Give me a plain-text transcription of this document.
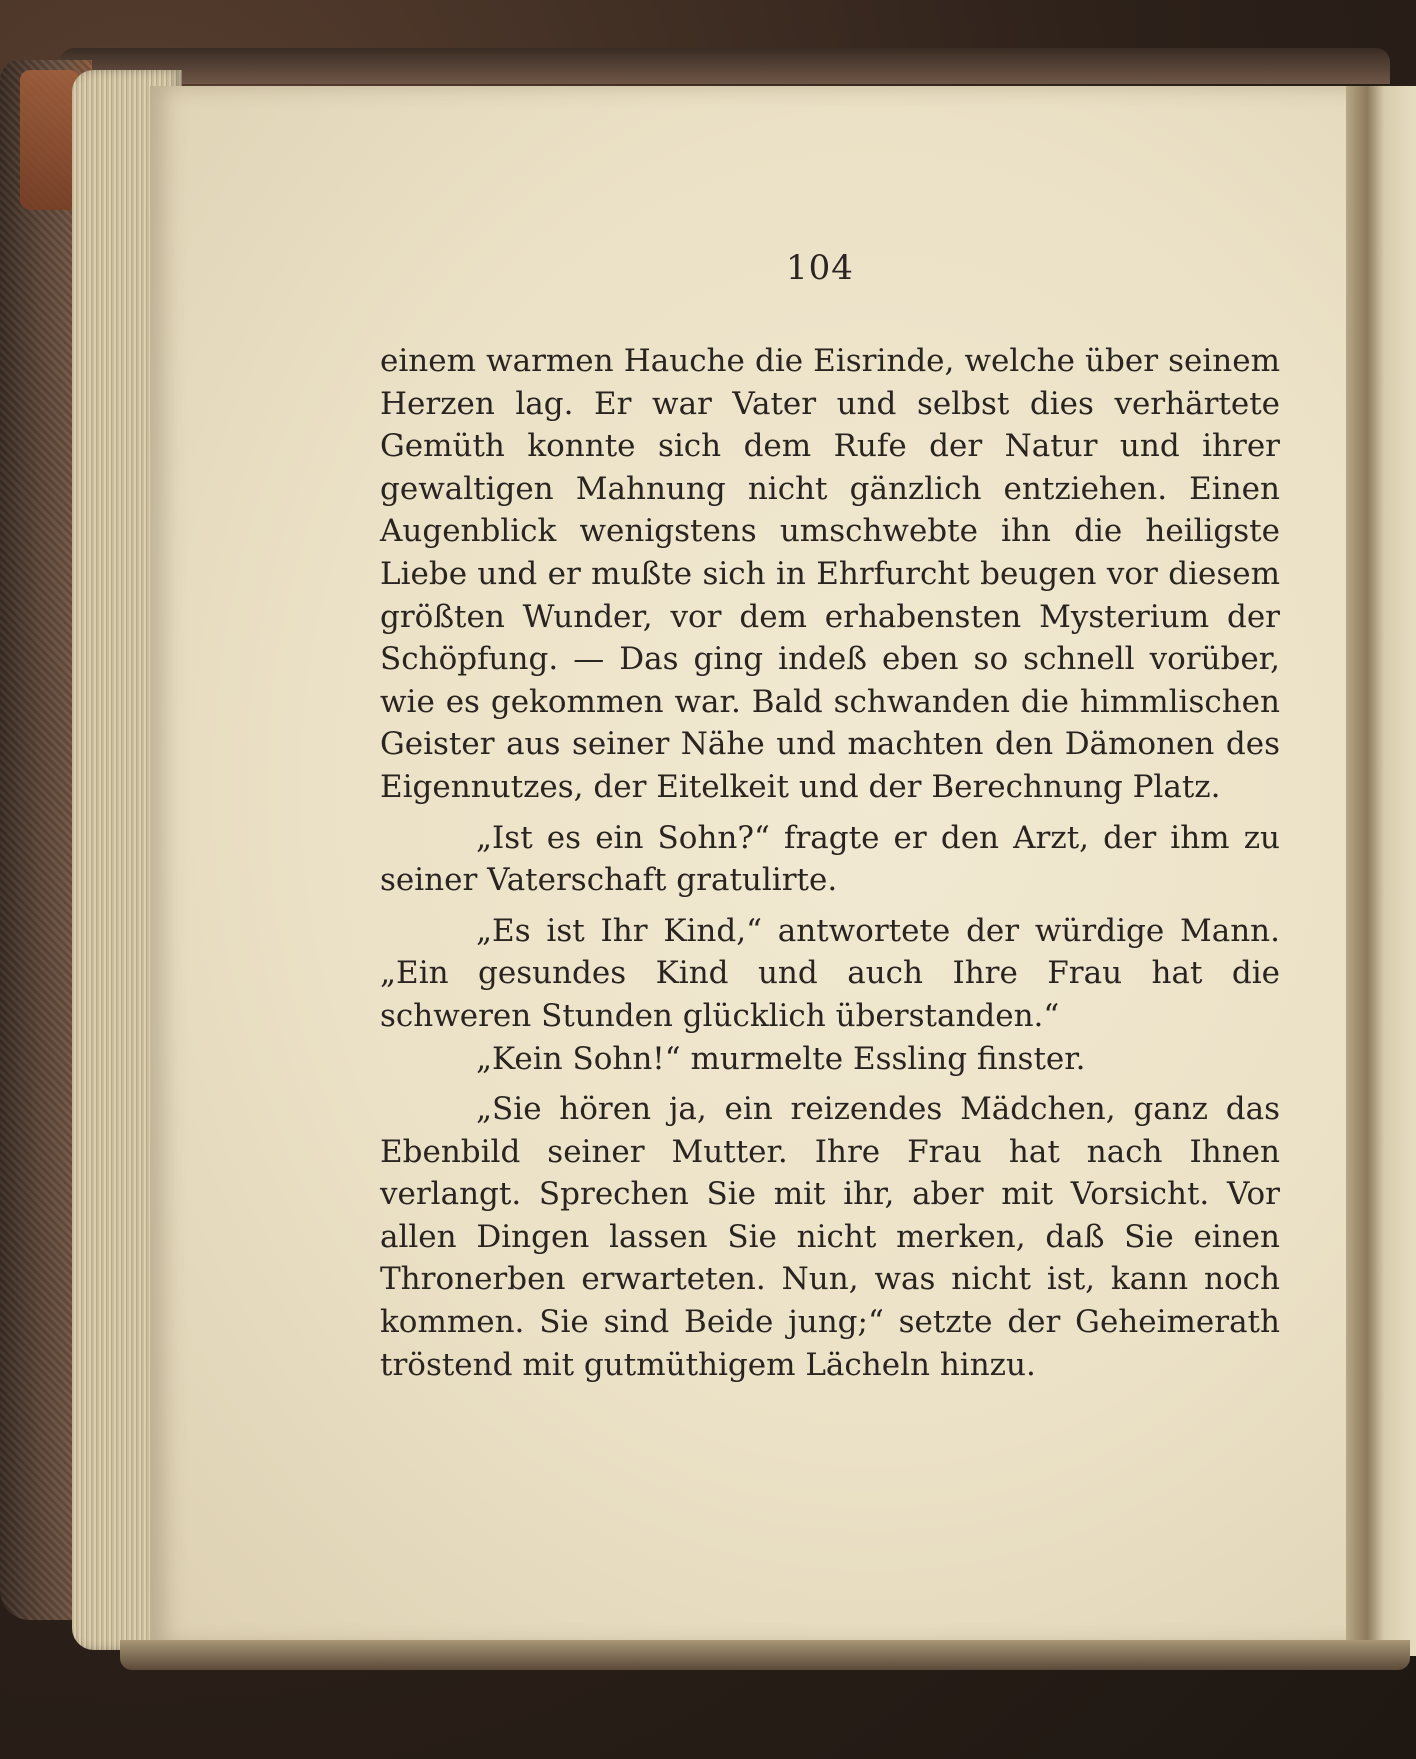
104

einem warmen Hauche die Eisrinde, welche über seinem Herzen lag. Er war Vater und selbst dies verhärtete Gemüth konnte sich dem Rufe der Natur und ihrer gewaltigen Mahnung nicht gänzlich entziehen. Einen Augenblick wenigstens umschwebte ihn die heiligste Liebe und er mußte sich in Ehrfurcht beugen vor diesem größten Wunder, vor dem erhabensten Mysterium der Schöpfung. — Das ging indeß eben so schnell vorüber, wie es gekommen war. Bald schwanden die himmlischen Geister aus seiner Nähe und machten den Dämonen des Eigennutzes, der Eitelkeit und der Berechnung Platz.

„Ist es ein Sohn?“ fragte er den Arzt, der ihm zu seiner Vaterschaft gratulirte.

„Es ist Ihr Kind,“ antwortete der würdige Mann. „Ein gesundes Kind und auch Ihre Frau hat die schweren Stunden glücklich überstanden.“

„Kein Sohn!“ murmelte Essling finster.

„Sie hören ja, ein reizendes Mädchen, ganz das Ebenbild seiner Mutter. Ihre Frau hat nach Ihnen verlangt. Sprechen Sie mit ihr, aber mit Vorsicht. Vor allen Dingen lassen Sie nicht merken, daß Sie einen Thronerben erwarteten. Nun, was nicht ist, kann noch kommen. Sie sind Beide jung;“ setzte der Geheimerath tröstend mit gutmüthigem Lächeln hinzu.
